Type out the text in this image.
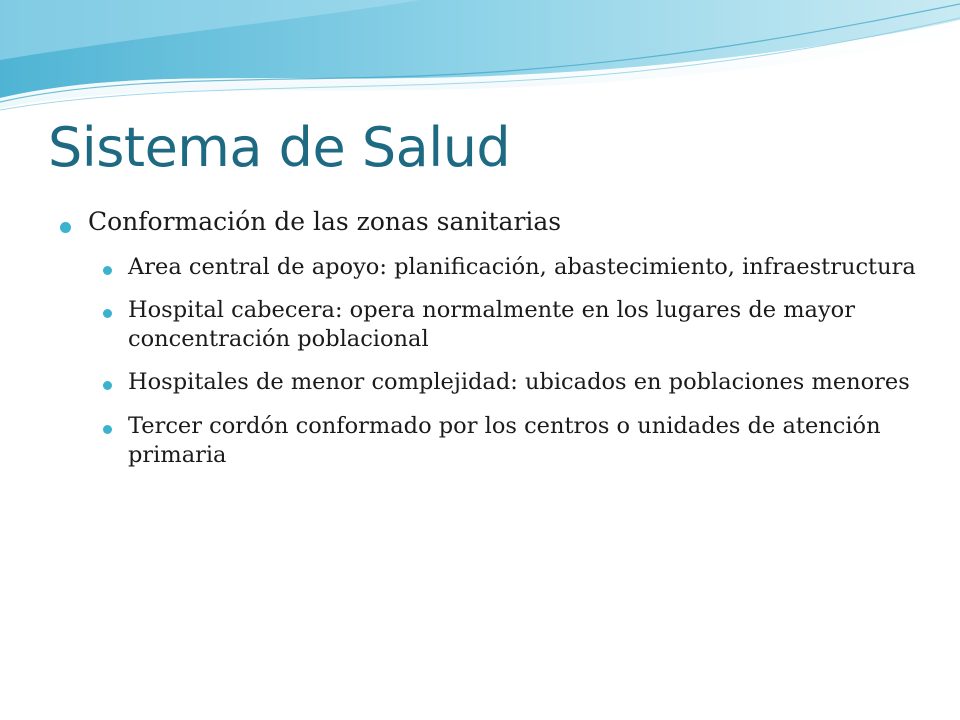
Sistema de Salud

Conformación de las zonas sanitarias

Area central de apoyo: planificación, abastecimiento, infraestructura

Hospital cabecera: opera normalmente en los lugares de mayor concentración poblacional

Hospitales de menor complejidad: ubicados en poblaciones menores

Tercer cordón conformado por los centros o unidades de atención primaria
